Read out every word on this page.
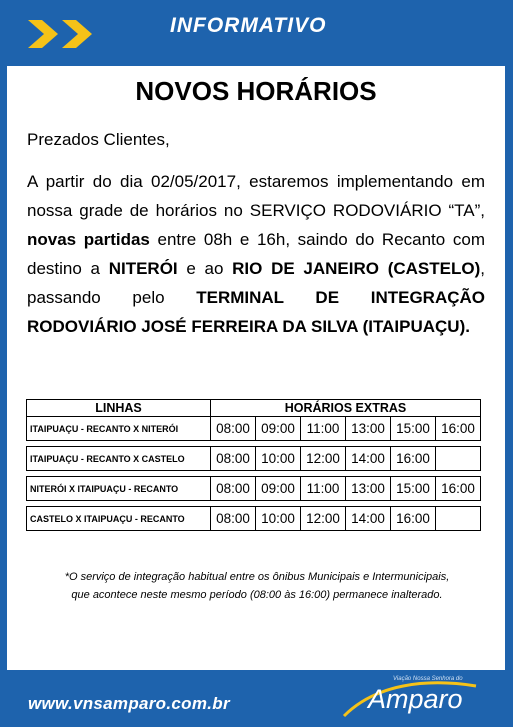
INFORMATIVO
NOVOS HORÁRIOS
Prezados Clientes,
A partir do dia 02/05/2017, estaremos implementando em nossa grade de horários no SERVIÇO RODOVIÁRIO “TA”, novas partidas entre 08h e 16h, saindo do Recanto com destino a NITERÓI e ao RIO DE JANEIRO (CASTELO), passando pelo TERMINAL DE INTEGRAÇÃO RODOVIÁRIO JOSÉ FERREIRA DA SILVA (ITAIPUAÇU).
LINHAS	HORÁRIOS EXTRAS					
ITAIPUAÇU - RECANTO X NITERÓI	08:00	09:00	11:00	13:00	15:00	16:00

ITAIPUAÇU - RECANTO X CASTELO	08:00	10:00	12:00	14:00	16:00	

NITERÓI X ITAIPUAÇU - RECANTO	08:00	09:00	11:00	13:00	15:00	16:00

CASTELO X ITAIPUAÇU - RECANTO	08:00	10:00	12:00	14:00	16:00	
*O serviço de integração habitual entre os ônibus Municipais e Intermunicipais,
que acontece neste mesmo período (08:00 às 16:00) permanece inalterado.
www.vnsamparo.com.br
Viação Nossa Senhora do
Amparo
